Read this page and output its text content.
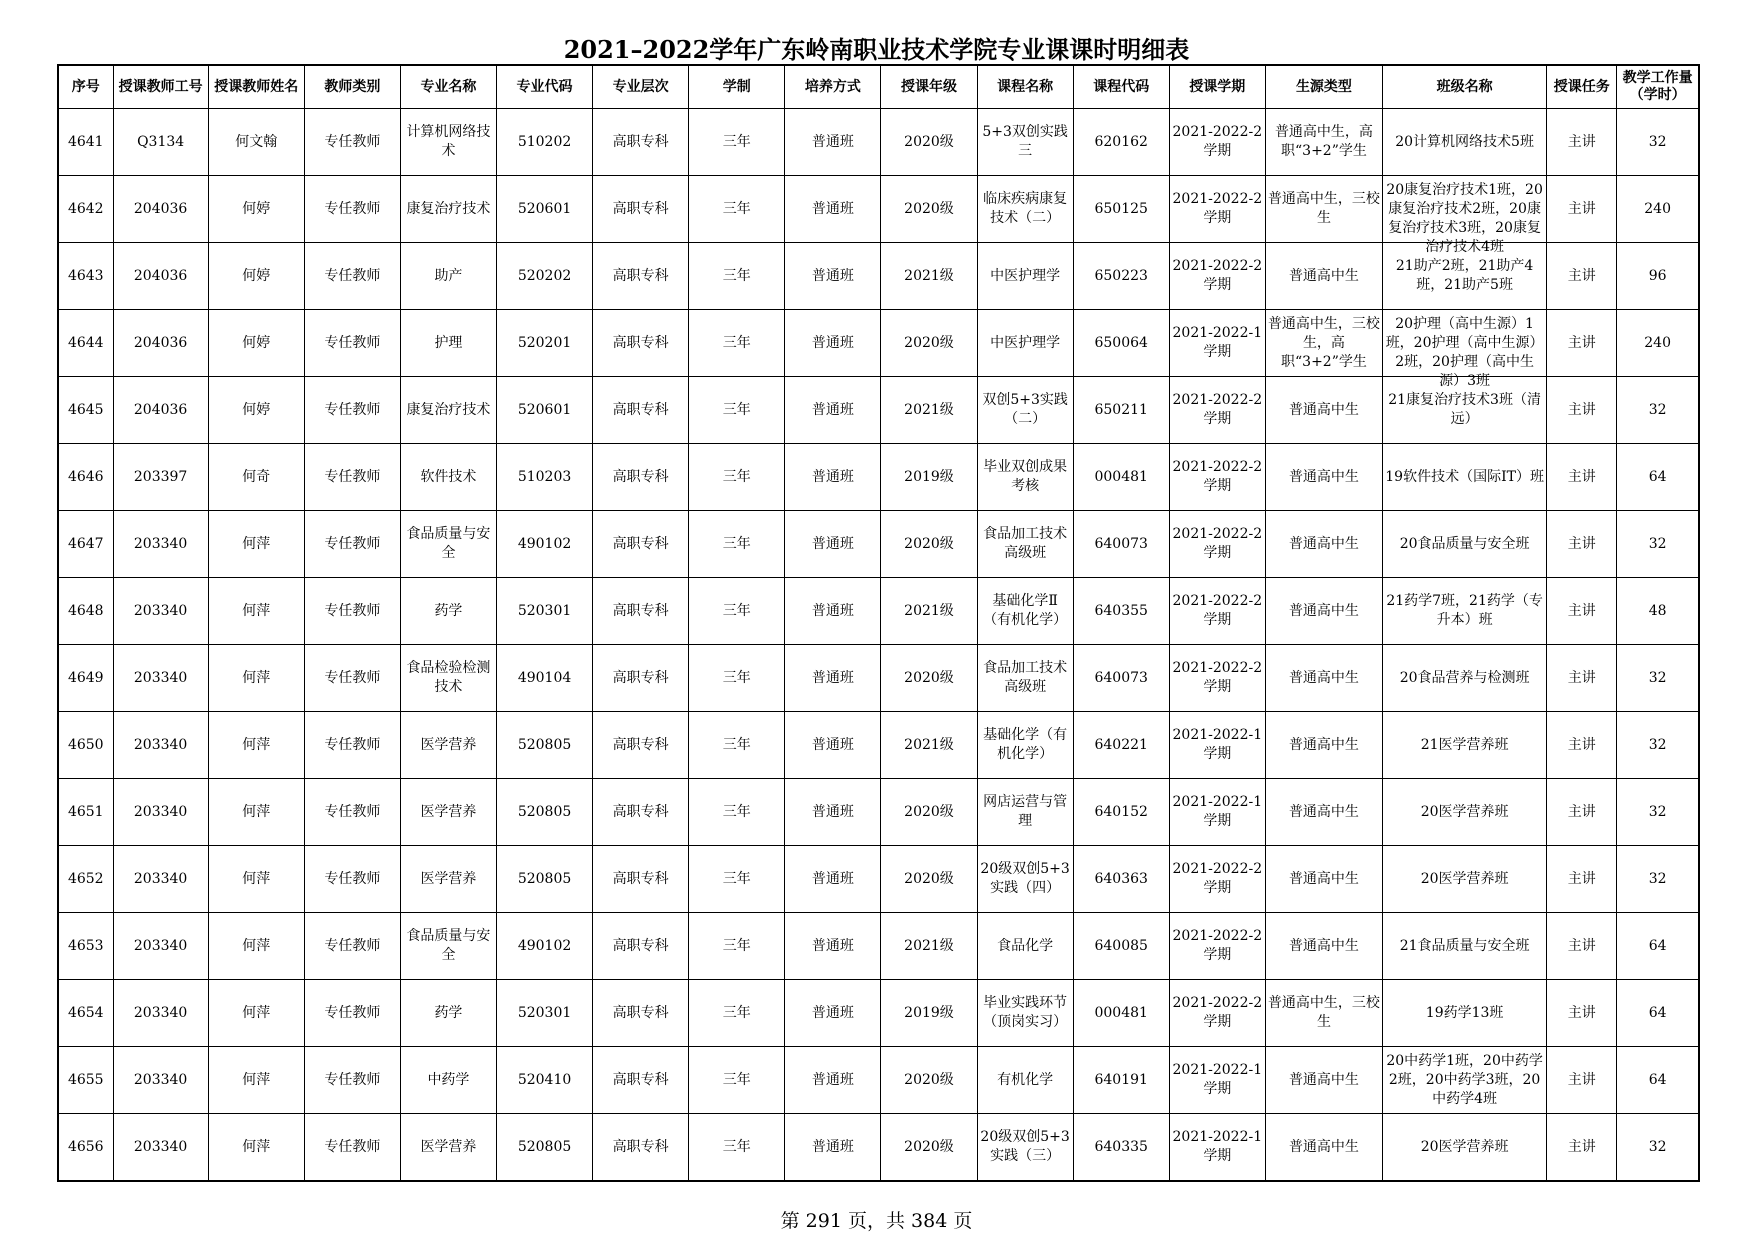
2021–2022学年广东岭南职业技术学院专业课课时明细表
序号	授课教师工号	授课教师姓名	教师类别	专业名称	专业代码	专业层次	学制	培养方式	授课年级	课程名称	课程代码	授课学期	生源类型	班级名称	授课任务	教学工作量（学时）

4641	Q3134	何文翰	专任教师	计算机网络技术	510202	高职专科	三年	普通班	2020级	5+3双创实践三	620162	2021-2022-2学期	普通高中生，高职“3+2”学生	20计算机网络技术5班	主讲	32

4642	204036	何婷	专任教师	康复治疗技术	520601	高职专科	三年	普通班	2020级	临床疾病康复技术（二）	650125	2021-2022-2学期	普通高中生，三校生	20康复治疗技术1班，20康复治疗技术2班，20康复治疗技术3班，20康复治疗技术4班	主讲	240

4643	204036	何婷	专任教师	助产	520202	高职专科	三年	普通班	2021级	中医护理学	650223	2021-2022-2学期	普通高中生	21助产2班，21助产4班，21助产5班	主讲	96

4644	204036	何婷	专任教师	护理	520201	高职专科	三年	普通班	2020级	中医护理学	650064	2021-2022-1学期	普通高中生，三校生，高职“3+2”学生	20护理（高中生源）1班，20护理（高中生源）2班，20护理（高中生源）3班	主讲	240

4645	204036	何婷	专任教师	康复治疗技术	520601	高职专科	三年	普通班	2021级	双创5+3实践（二）	650211	2021-2022-2学期	普通高中生	21康复治疗技术3班（清远）	主讲	32

4646	203397	何奇	专任教师	软件技术	510203	高职专科	三年	普通班	2019级	毕业双创成果考核	000481	2021-2022-2学期	普通高中生	19软件技术（国际IT）班	主讲	64

4647	203340	何萍	专任教师	食品质量与安全	490102	高职专科	三年	普通班	2020级	食品加工技术高级班	640073	2021-2022-2学期	普通高中生	20食品质量与安全班	主讲	32

4648	203340	何萍	专任教师	药学	520301	高职专科	三年	普通班	2021级	基础化学Ⅱ（有机化学）	640355	2021-2022-2学期	普通高中生	21药学7班，21药学（专升本）班	主讲	48

4649	203340	何萍	专任教师	食品检验检测技术	490104	高职专科	三年	普通班	2020级	食品加工技术高级班	640073	2021-2022-2学期	普通高中生	20食品营养与检测班	主讲	32

4650	203340	何萍	专任教师	医学营养	520805	高职专科	三年	普通班	2021级	基础化学（有机化学）	640221	2021-2022-1学期	普通高中生	21医学营养班	主讲	32

4651	203340	何萍	专任教师	医学营养	520805	高职专科	三年	普通班	2020级	网店运营与管理	640152	2021-2022-1学期	普通高中生	20医学营养班	主讲	32

4652	203340	何萍	专任教师	医学营养	520805	高职专科	三年	普通班	2020级	20级双创5+3实践（四）	640363	2021-2022-2学期	普通高中生	20医学营养班	主讲	32

4653	203340	何萍	专任教师	食品质量与安全	490102	高职专科	三年	普通班	2021级	食品化学	640085	2021-2022-2学期	普通高中生	21食品质量与安全班	主讲	64

4654	203340	何萍	专任教师	药学	520301	高职专科	三年	普通班	2019级	毕业实践环节（顶岗实习）	000481	2021-2022-2学期	普通高中生，三校生	19药学13班	主讲	64

4655	203340	何萍	专任教师	中药学	520410	高职专科	三年	普通班	2020级	有机化学	640191	2021-2022-1学期	普通高中生	20中药学1班，20中药学2班，20中药学3班，20中药学4班	主讲	64

4656	203340	何萍	专任教师	医学营养	520805	高职专科	三年	普通班	2020级	20级双创5+3实践（三）	640335	2021-2022-1学期	普通高中生	20医学营养班	主讲	32
第 291 页，共 384 页
